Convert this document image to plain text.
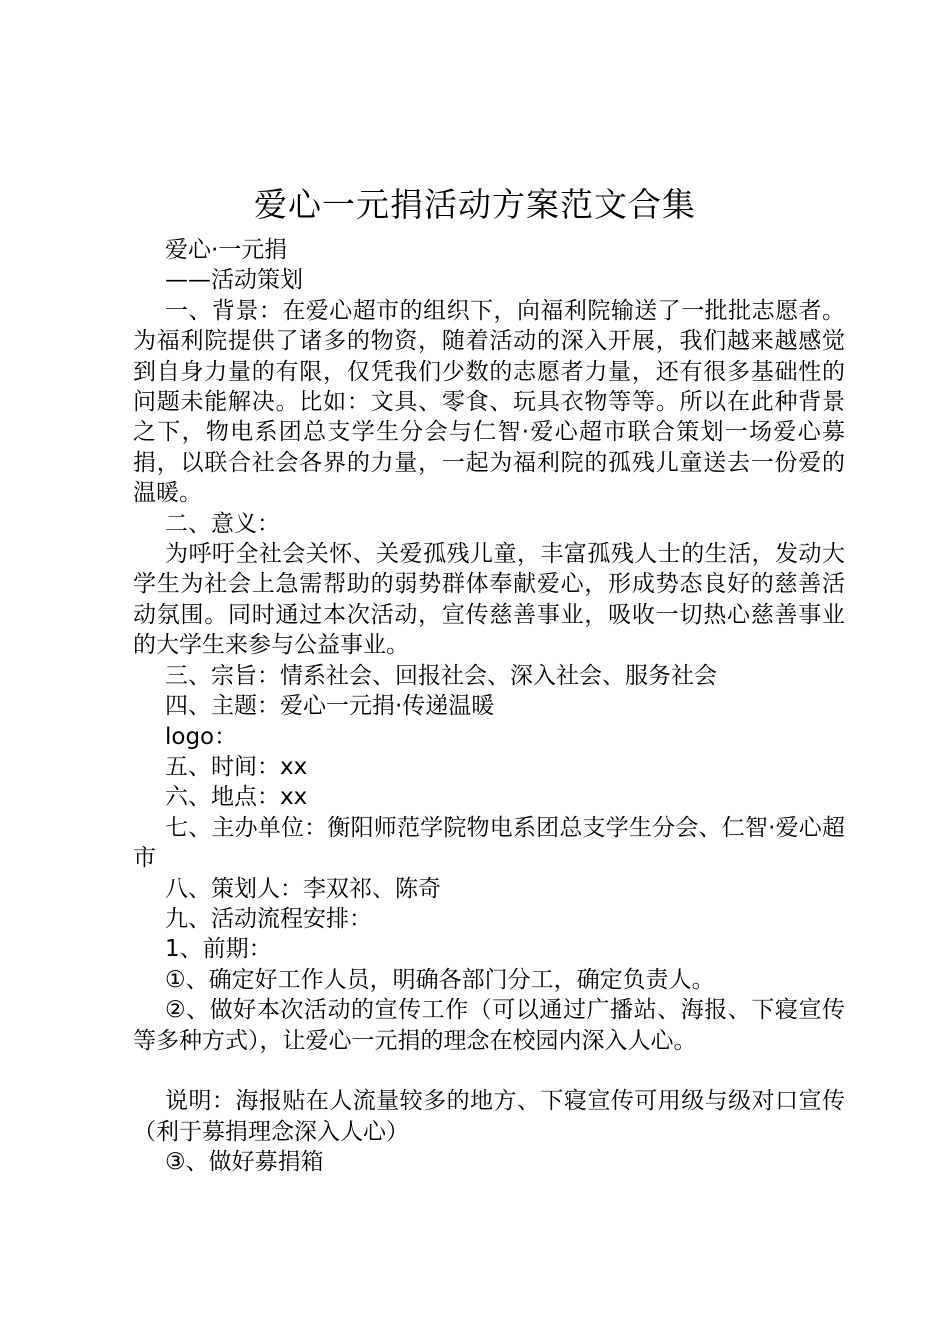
爱心一元捐活动方案范文合集

爱心·一元捐

——活动策划

一、背景：在爱心超市的组织下，向福利院输送了一批批志愿者。为福利院提供了诸多的物资，随着活动的深入开展，我们越来越感觉到自身力量的有限，仅凭我们少数的志愿者力量，还有很多基础性的问题未能解决。比如：文具、零食、玩具衣物等等。所以在此种背景之下，物电系团总支学生分会与仁智·爱心超市联合策划一场爱心募捐，以联合社会各界的力量，一起为福利院的孤残儿童送去一份爱的温暖。

二、意义：

为呼吁全社会关怀、关爱孤残儿童，丰富孤残人士的生活，发动大学生为社会上急需帮助的弱势群体奉献爱心，形成势态良好的慈善活动氛围。同时通过本次活动，宣传慈善事业，吸收一切热心慈善事业的大学生来参与公益事业。

三、宗旨：情系社会、回报社会、深入社会、服务社会

四、主题：爱心一元捐·传递温暖

logo：

五、时间：xx

六、地点：xx

七、主办单位：衡阳师范学院物电系团总支学生分会、仁智·爱心超市

八、策划人：李双祁、陈奇

九、活动流程安排：

1、前期：

①、确定好工作人员，明确各部门分工，确定负责人。

②、做好本次活动的宣传工作（可以通过广播站、海报、下寝宣传等多种方式），让爱心一元捐的理念在校园内深入人心。

说明：海报贴在人流量较多的地方、下寝宣传可用级与级对口宣传（利于募捐理念深入人心）

③、做好募捐箱
